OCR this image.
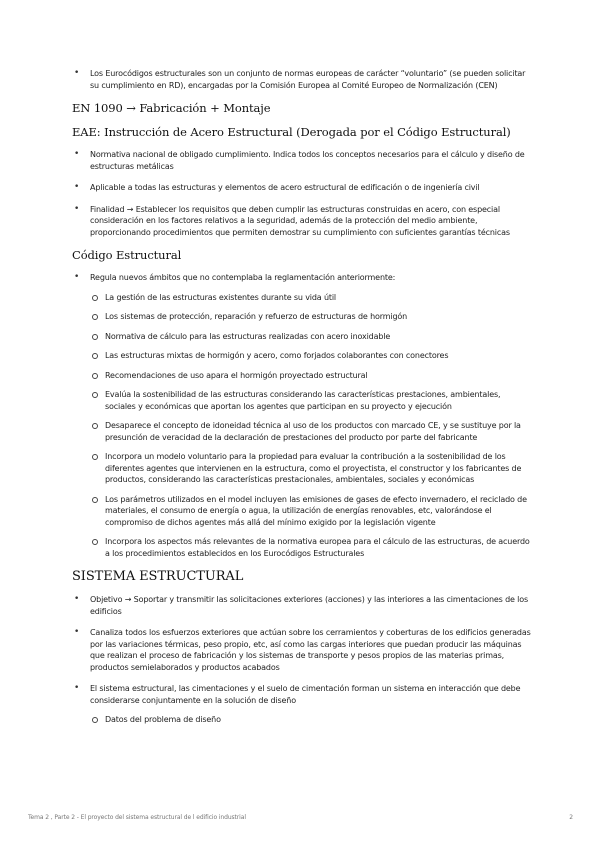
• Los Eurocódigos estructurales son un conjunto de normas europeas de carácter “voluntario” (se pueden solicitar su cumplimiento en RD), encargadas por la Comisión Europea al Comité Europeo de Normalización (CEN)
EN 1090 → Fabricación + Montaje
EAE: Instrucción de Acero Estructural (Derogada por el Código Estructural)
• Normativa nacional de obligado cumplimiento. Indica todos los conceptos necesarios para el cálculo y diseño de estructuras metálicas
• Aplicable a todas las estructuras y elementos de acero estructural de edificación o de ingeniería civil
• Finalidad → Establecer los requisitos que deben cumplir las estructuras construidas en acero, con especial consideración en los factores relativos a la seguridad, además de la protección del medio ambiente, proporcionando procedimientos que permiten demostrar su cumplimiento con suficientes garantías técnicas
Código Estructural
• Regula nuevos ámbitos que no contemplaba la reglamentación anteriormente:
La gestión de las estructuras existentes durante su vida útil
Los sistemas de protección, reparación y refuerzo de estructuras de hormigón
Normativa de cálculo para las estructuras realizadas con acero inoxidable
Las estructuras mixtas de hormigón y acero, como forjados colaborantes con conectores
Recomendaciones de uso apara el hormigón proyectado estructural
Evalúa la sostenibilidad de las estructuras considerando las características prestaciones, ambientales, sociales y económicas que aportan los agentes que participan en su proyecto y ejecución
Desaparece el concepto de idoneidad técnica al uso de los productos con marcado CE, y se sustituye por la presunción de veracidad de la declaración de prestaciones del producto por parte del fabricante
Incorpora un modelo voluntario para la propiedad para evaluar la contribución a la sostenibilidad de los diferentes agentes que intervienen en la estructura, como el proyectista, el constructor y los fabricantes de productos, considerando las características prestacionales, ambientales, sociales y económicas
Los parámetros utilizados en el model incluyen las emisiones de gases de efecto invernadero, el reciclado de materiales, el consumo de energía o agua, la utilización de energías renovables, etc, valorándose el compromiso de dichos agentes más allá del mínimo exigido por la legislación vigente
Incorpora los aspectos más relevantes de la normativa europea para el cálculo de las estructuras, de acuerdo a los procedimientos establecidos en los Eurocódigos Estructurales
SISTEMA ESTRUCTURAL
• Objetivo → Soportar y transmitir las solicitaciones exteriores (acciones) y las interiores a las cimentaciones de los edificios
• Canaliza todos los esfuerzos exteriores que actúan sobre los cerramientos y coberturas de los edificios generadas por las variaciones térmicas, peso propio, etc, así como las cargas interiores que puedan producir las máquinas que realizan el proceso de fabricación y los sistemas de transporte y pesos propios de las materias primas, productos semielaborados y productos acabados
• El sistema estructural, las cimentaciones y el suelo de cimentación forman un sistema en interacción que debe considerarse conjuntamente en la solución de diseño
Datos del problema de diseño
Tema 2 , Parte 2 - El proyecto del sistema estructural de l edificio industrial	2
